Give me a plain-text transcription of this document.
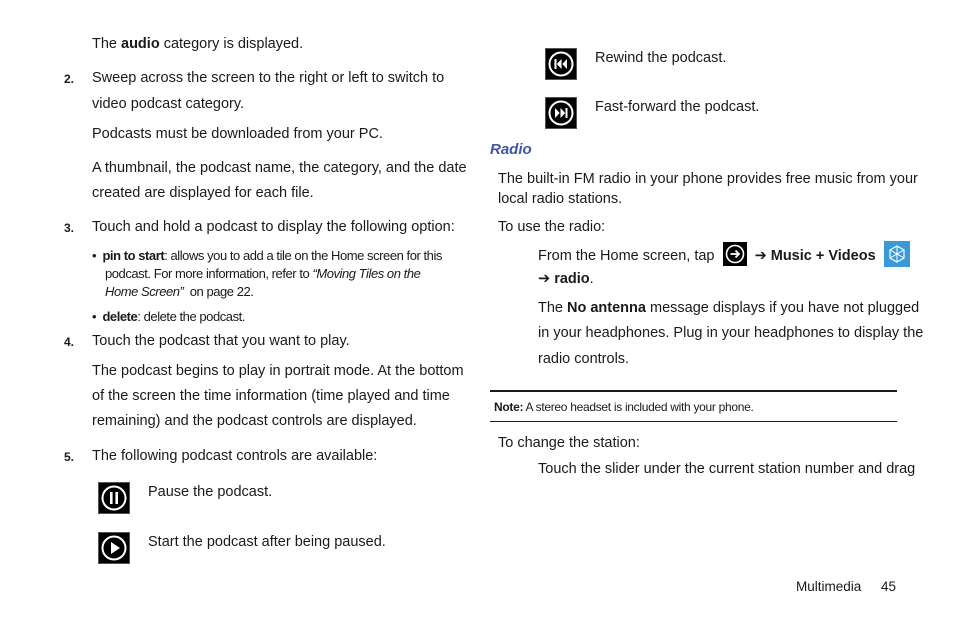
The audio category is displayed.
2. Sweep across the screen to the right or left to switch to
video podcast category.
Podcasts must be downloaded from your PC.
A thumbnail, the podcast name, the category, and the date
created are displayed for each file.
3. Touch and hold a podcast to display the following option:
•  pin to start: allows you to add a tile on the Home screen for this
podcast. For more information, refer to “Moving Tiles on the
Home Screen”  on page 22.
•  delete: delete the podcast.
4. Touch the podcast that you want to play.
The podcast begins to play in portrait mode. At the bottom
of the screen the time information (time played and time
remaining) and the podcast controls are displayed.
5. The following podcast controls are available:
Pause the podcast.
Start the podcast after being paused.
Rewind the podcast.
Fast-forward the podcast.
Radio
The built-in FM radio in your phone provides free music from your
local radio stations.
To use the radio:
From the Home screen, tap	➔ Music + Videos
➔ radio.
The No antenna message displays if you have not plugged
in your headphones. Plug in your headphones to display the
radio controls.
Note: A stereo headset is included with your phone.
To change the station:
Touch the slider under the current station number and drag
Multimedia 45
